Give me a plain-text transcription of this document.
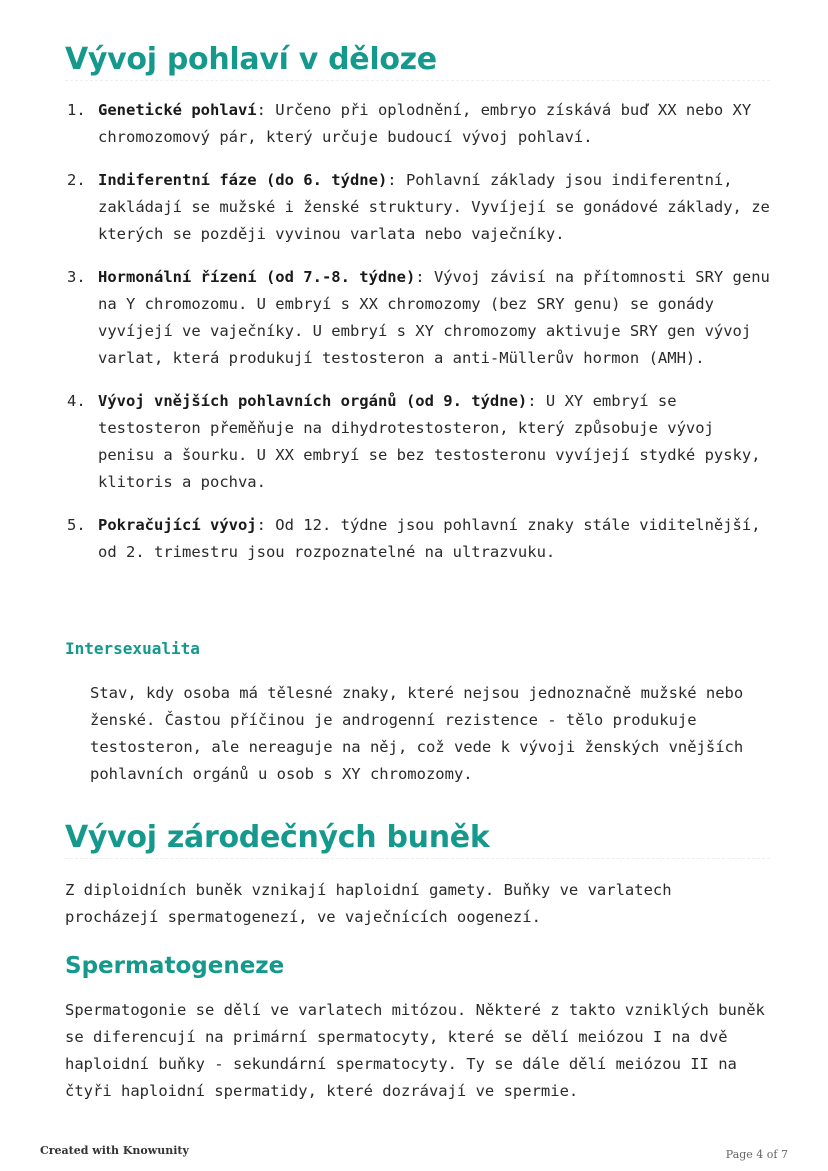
Vývoj pohlaví v děloze
1. Genetické pohlaví: Určeno při oplodnění, embryo získává buď XX nebo XY chromozomový pár, který určuje budoucí vývoj pohlaví.
2. Indiferentní fáze (do 6. týdne): Pohlavní základy jsou indiferentní, zakládají se mužské i ženské struktury. Vyvíjejí se gonádové základy, ze kterých se později vyvinou varlata nebo vaječníky.
3. Hormonální řízení (od 7.-8. týdne): Vývoj závisí na přítomnosti SRY genu na Y chromozomu. U embryí s XX chromozomy (bez SRY genu) se gonády vyvíjejí ve vaječníky. U embryí s XY chromozomy aktivuje SRY gen vývoj varlat, která produkují testosteron a anti-Müllerův hormon (AMH).
4. Vývoj vnějších pohlavních orgánů (od 9. týdne): U XY embryí se testosteron přeměňuje na dihydrotestosteron, který způsobuje vývoj penisu a šourku. U XX embryí se bez testosteronu vyvíjejí stydké pysky, klitoris a pochva.
5. Pokračující vývoj: Od 12. týdne jsou pohlavní znaky stále viditelnější, od 2. trimestru jsou rozpoznatelné na ultrazvuku.
Intersexualita

Stav, kdy osoba má tělesné znaky, které nejsou jednoznačně mužské nebo ženské. Častou příčinou je androgenní rezistence - tělo produkuje testosteron, ale nereaguje na něj, což vede k vývoji ženských vnějších pohlavních orgánů u osob s XY chromozomy.

Vývoj zárodečných buněk

Z diploidních buněk vznikají haploidní gamety. Buňky ve varlatech procházejí spermatogenezí, ve vaječnících oogenezí.

Spermatogeneze

Spermatogonie se dělí ve varlatech mitózou. Některé z takto vzniklých buněk se diferencují na primární spermatocyty, které se dělí meiózou I na dvě haploidní buňky - sekundární spermatocyty. Ty se dále dělí meiózou II na čtyři haploidní spermatidy, které dozrávají ve spermie.

Created with Knowunity	Page 4 of 7
